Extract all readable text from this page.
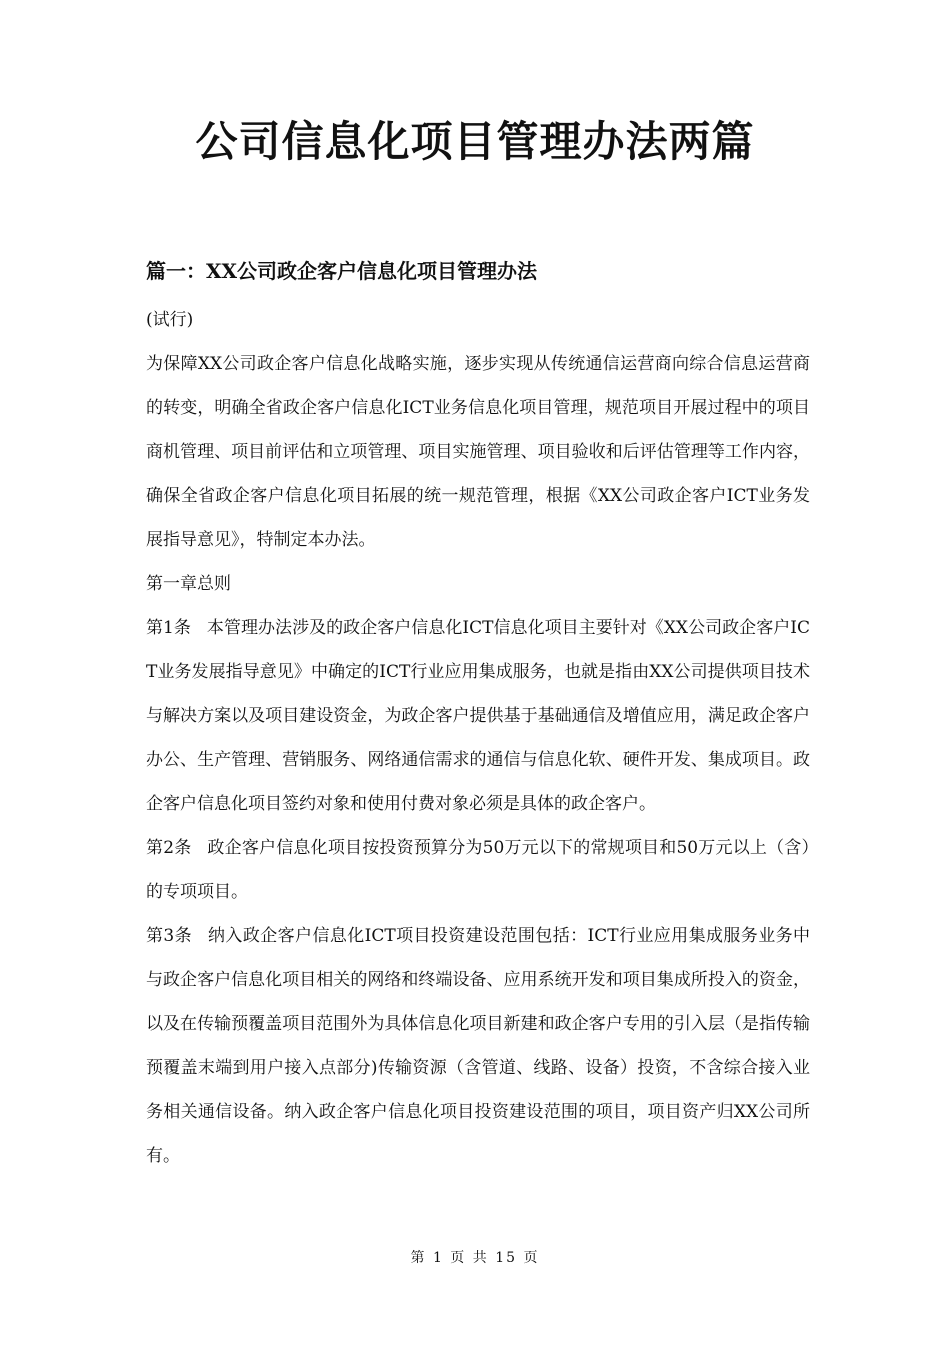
公司信息化项目管理办法两篇
篇一：XX公司政企客户信息化项目管理办法

(试行)

为保障XX公司政企客户信息化战略实施，逐步实现从传统通信运营商向综合信息运营商的转变，明确全省政企客户信息化ICT业务信息化项目管理，规范项目开展过程中的项目商机管理、项目前评估和立项管理、项目实施管理、项目验收和后评估管理等工作内容，确保全省政企客户信息化项目拓展的统一规范管理，根据《XX公司政企客户ICT业务发展指导意见》，特制定本办法。

第一章总则

第1条 本管理办法涉及的政企客户信息化ICT信息化项目主要针对《XX公司政企客户ICT业务发展指导意见》中确定的ICT行业应用集成服务，也就是指由XX公司提供项目技术与解决方案以及项目建设资金，为政企客户提供基于基础通信及增值应用，满足政企客户办公、生产管理、营销服务、网络通信需求的通信与信息化软、硬件开发、集成项目。政企客户信息化项目签约对象和使用付费对象必须是具体的政企客户。

第2条 政企客户信息化项目按投资预算分为50万元以下的常规项目和50万元以上（含）的专项项目。

第3条 纳入政企客户信息化ICT项目投资建设范围包括：ICT行业应用集成服务业务中与政企客户信息化项目相关的网络和终端设备、应用系统开发和项目集成所投入的资金，以及在传输预覆盖项目范围外为具体信息化项目新建和政企客户专用的引入层（是指传输预覆盖末端到用户接入点部分)传输资源（含管道、线路、设备）投资，不含综合接入业务相关通信设备。纳入政企客户信息化项目投资建设范围的项目，项目资产归XX公司所有。

第 1 页 共 15 页
